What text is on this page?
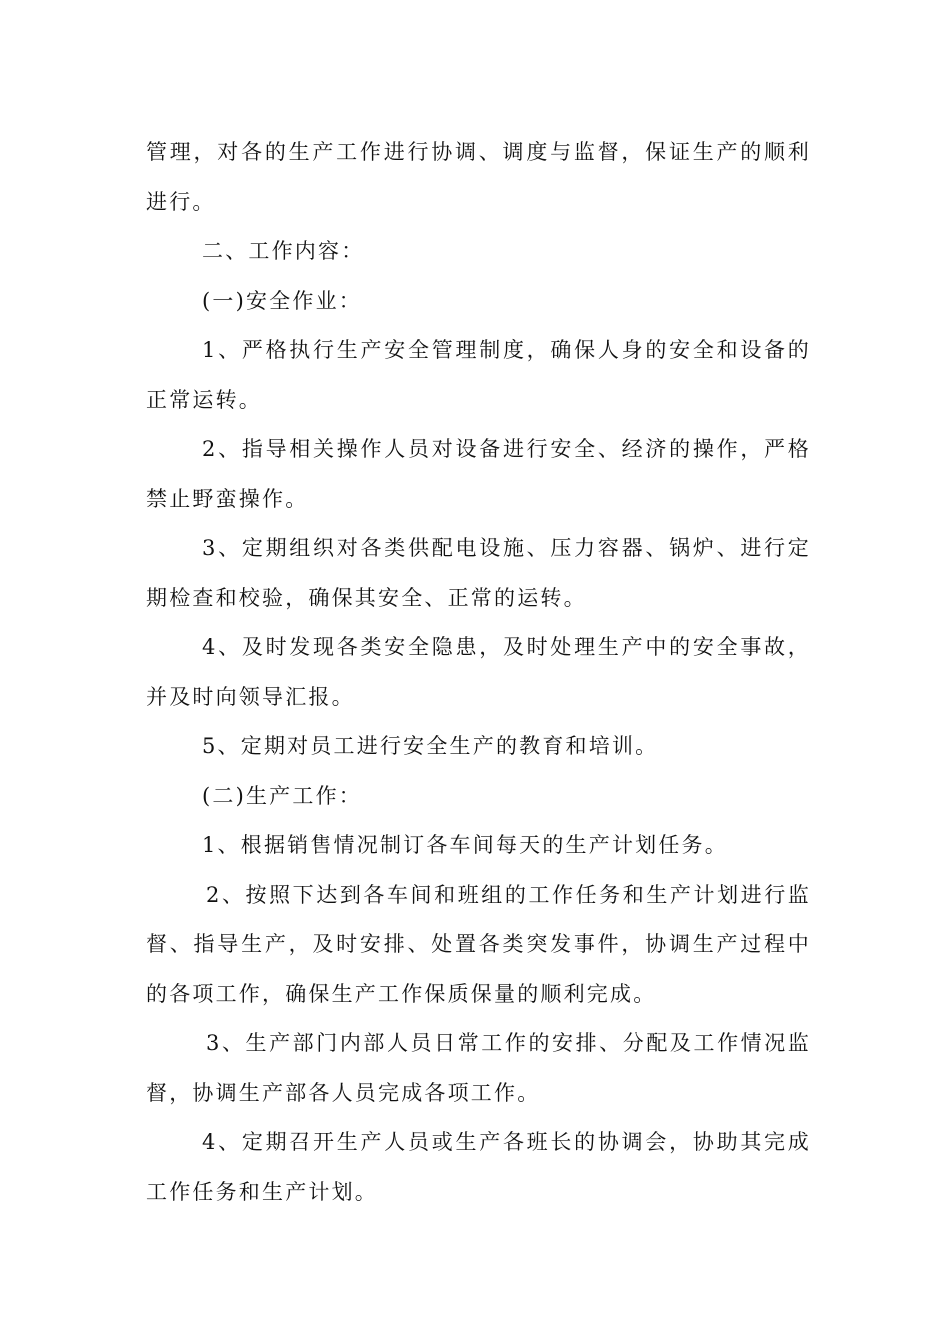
管理，对各的生产工作进行协调、调度与监督，保证生产的顺利进行。

二、工作内容：

(一)安全作业：

1、严格执行生产安全管理制度，确保人身的安全和设备的正常运转。

2、指导相关操作人员对设备进行安全、经济的操作，严格禁止野蛮操作。

3、定期组织对各类供配电设施、压力容器、锅炉、进行定期检查和校验，确保其安全、正常的运转。

4、及时发现各类安全隐患，及时处理生产中的安全事故，并及时向领导汇报。

5、定期对员工进行安全生产的教育和培训。

(二)生产工作：

1、根据销售情况制订各车间每天的生产计划任务。

2、按照下达到各车间和班组的工作任务和生产计划进行监督、指导生产，及时安排、处置各类突发事件，协调生产过程中的各项工作，确保生产工作保质保量的顺利完成。

3、生产部门内部人员日常工作的安排、分配及工作情况监督，协调生产部各人员完成各项工作。

4、定期召开生产人员或生产各班长的协调会，协助其完成工作任务和生产计划。
